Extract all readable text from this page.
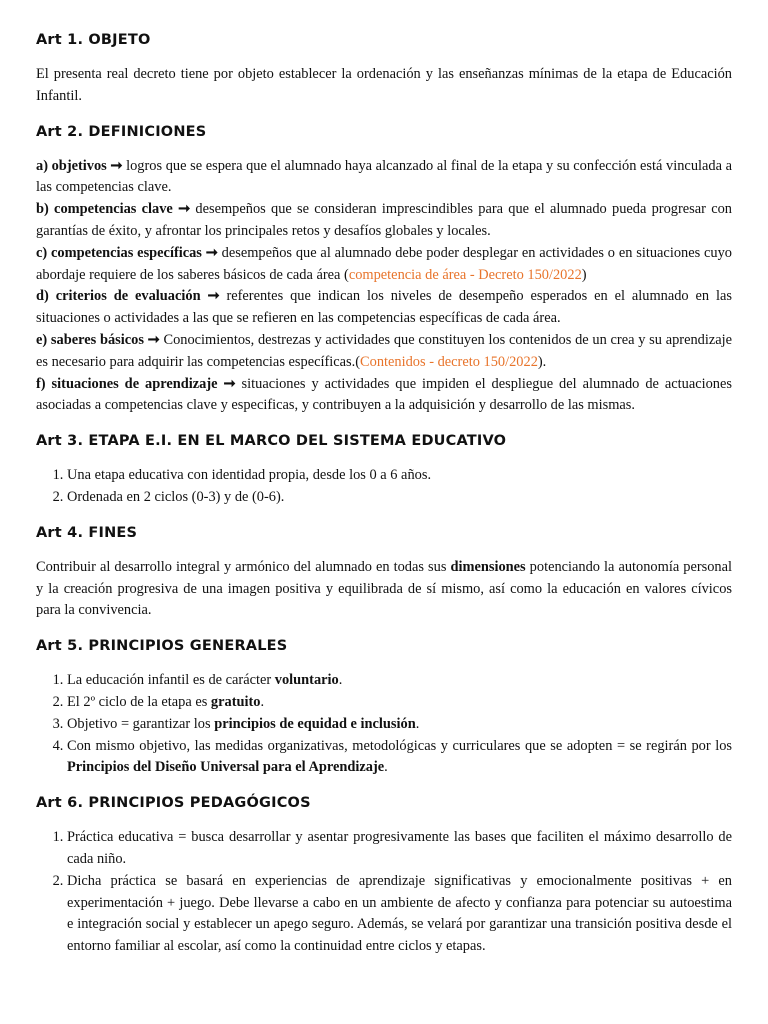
Art 1. OBJETO

El presenta real decreto tiene por objeto establecer la ordenación y las enseñanzas mínimas de la etapa de Educación Infantil.

Art 2. DEFINICIONES

a) objetivos ➞ logros que se espera que el alumnado haya alcanzado al final de la etapa y su confección está vinculada a las competencias clave.

b) competencias clave ➞ desempeños que se consideran imprescindibles para que el alumnado pueda progresar con garantías de éxito, y afrontar los principales retos y desafíos globales y locales.

c) competencias específicas ➞ desempeños que al alumnado debe poder desplegar en actividades o en situaciones cuyo abordaje requiere de los saberes básicos de cada área (competencia de área - Decreto 150/2022)

d) criterios de evaluación ➞ referentes que indican los niveles de desempeño esperados en el alumnado en las situaciones o actividades a las que se refieren en las competencias específicas de cada área.

e) saberes básicos ➞ Conocimientos, destrezas y actividades que constituyen los contenidos de un crea y su aprendizaje es necesario para adquirir las competencias específicas.(Contenidos - decreto 150/2022).

f) situaciones de aprendizaje ➞ situaciones y actividades que impiden el despliegue del alumnado de actuaciones asociadas a competencias clave y especificas, y contribuyen a la adquisición y desarrollo de las mismas.

Art 3. ETAPA E.I. EN EL MARCO DEL SISTEMA EDUCATIVO
1. Una etapa educativa con identidad propia, desde los 0 a 6 años.
2. Ordenada en 2 ciclos (0-3) y de (0-6).
Art 4. FINES

Contribuir al desarrollo integral y armónico del alumnado en todas sus dimensiones potenciando la autonomía personal y la creación progresiva de una imagen positiva y equilibrada de sí mismo, así como la educación en valores cívicos para la convivencia.

Art 5. PRINCIPIOS GENERALES
1. La educación infantil es de carácter voluntario.
2. El 2º ciclo de la etapa es gratuito.
3. Objetivo = garantizar los principios de equidad e inclusión.
4. Con mismo objetivo, las medidas organizativas, metodológicas y curriculares que se adopten = se regirán por los Principios del Diseño Universal para el Aprendizaje.
Art 6. PRINCIPIOS PEDAGÓGICOS
1. Práctica educativa = busca desarrollar y asentar progresivamente las bases que faciliten el máximo desarrollo de cada niño.
2. Dicha práctica se basará en experiencias de aprendizaje significativas y emocionalmente positivas + en experimentación + juego. Debe llevarse a cabo en un ambiente de afecto y confianza para potenciar su autoestima e integración social y establecer un apego seguro. Además, se velará por garantizar una transición positiva desde el entorno familiar al escolar, así como la continuidad entre ciclos y etapas.
